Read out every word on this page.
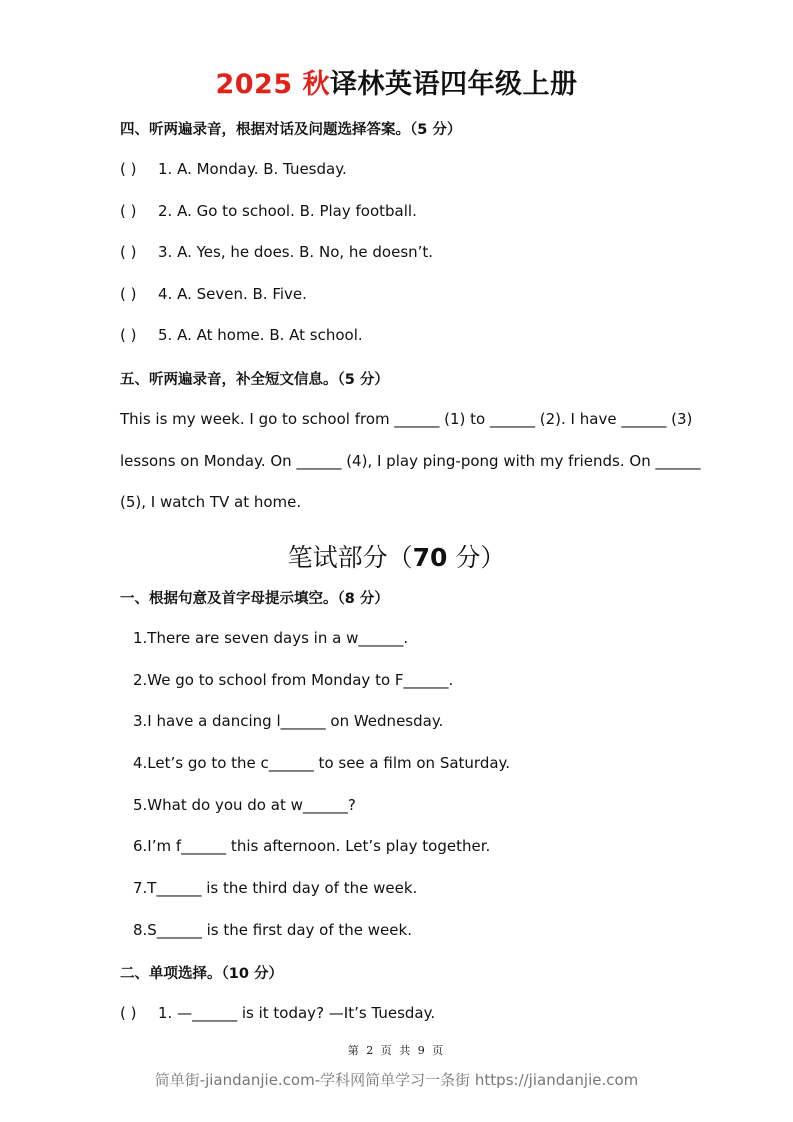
2025 秋译林英语四年级上册
四、听两遍录音，根据对话及问题选择答案。（5 分）
( ) 1. A. Monday. B. Tuesday.
( ) 2. A. Go to school. B. Play football.
( ) 3. A. Yes, he does. B. No, he doesn’t.
( ) 4. A. Seven. B. Five.
( ) 5. A. At home. B. At school.
五、听两遍录音，补全短文信息。（5 分）
This is my week. I go to school from ______ (1) to ______ (2). I have ______ (3)
lessons on Monday. On ______ (4), I play ping-pong with my friends. On ______
(5), I watch TV at home.
笔试部分（70 分）
一、根据句意及首字母提示填空。（8 分）
1.There are seven days in a w______.
2.We go to school from Monday to F______.
3.I have a dancing l______ on Wednesday.
4.Let’s go to the c______ to see a film on Saturday.
5.What do you do at w______?
6.I’m f______ this afternoon. Let’s play together.
7.T______ is the third day of the week.
8.S______ is the first day of the week.
二、单项选择。（10 分）
( ) 1. —______ is it today? —It’s Tuesday.
第 2 页 共 9 页
简单街-jiandanjie.com-学科网简单学习一条街 https://jiandanjie.com
